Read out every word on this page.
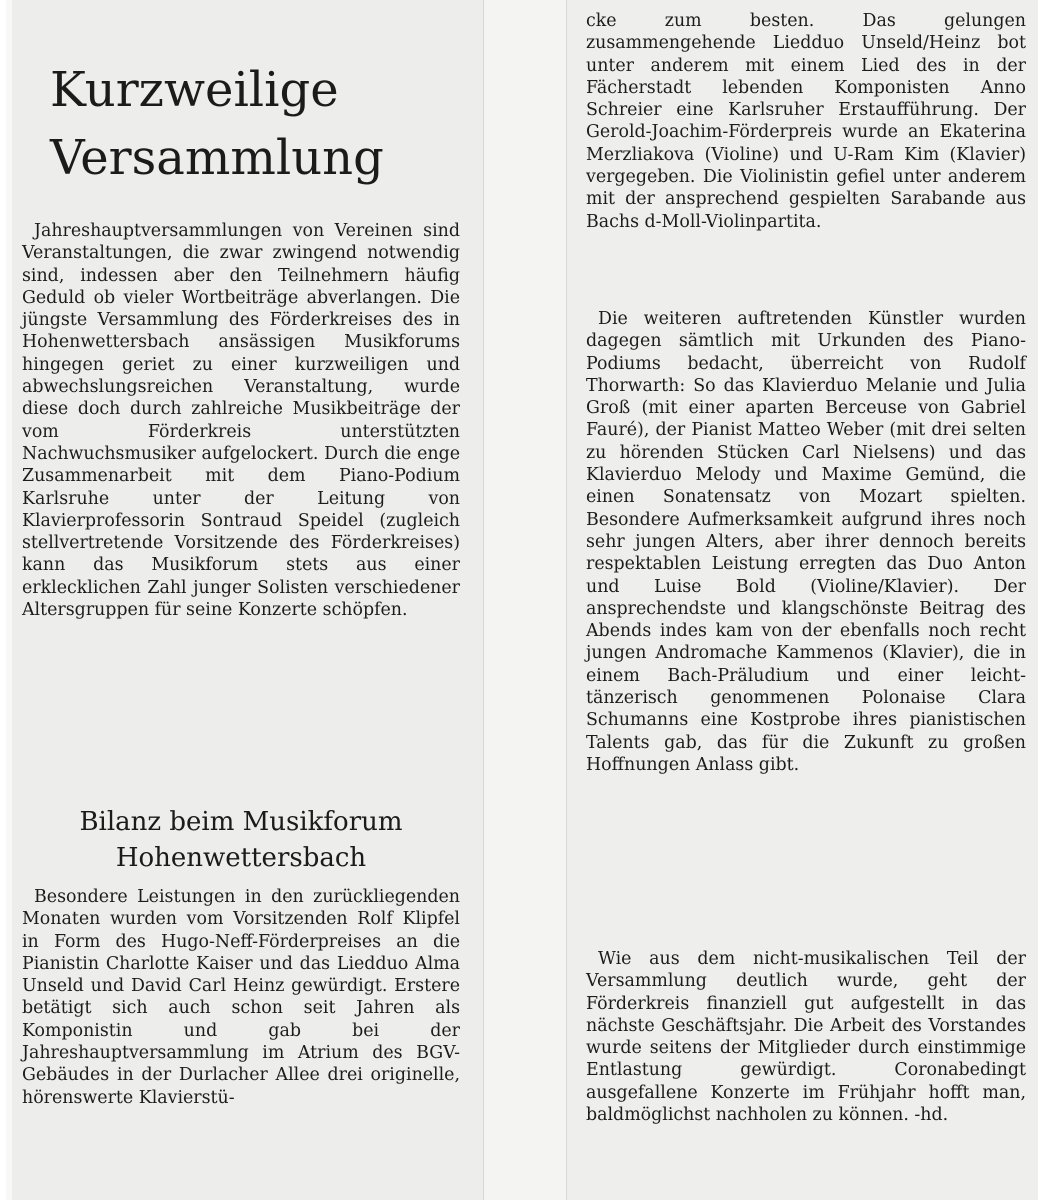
Kurzweilige Versammlung

Jahreshauptversammlungen von Vereinen sind Veranstaltungen, die zwar zwingend notwendig sind, indessen aber den Teilnehmern häufig Geduld ob vieler Wortbeiträge abverlangen. Die jüngste Versammlung des Förderkreises des in Hohenwettersbach ansässigen Musikforums hingegen geriet zu einer kurzweiligen und abwechslungsreichen Veranstaltung, wurde diese doch durch zahlreiche Musikbeiträge der vom Förderkreis unterstützten Nachwuchsmusiker aufgelockert. Durch die enge Zusammenarbeit mit dem Piano-Podium Karlsruhe unter der Leitung von Klavierprofessorin Sontraud Speidel (zugleich stellvertretende Vorsitzende des Förderkreises) kann das Musikforum stets aus einer erklecklichen Zahl junger Solisten verschiedener Altersgruppen für seine Konzerte schöpfen.

Bilanz beim Musikforum Hohenwettersbach

Besondere Leistungen in den zurückliegenden Monaten wurden vom Vorsitzenden Rolf Klipfel in Form des Hugo-Neff-Förderpreises an die Pianistin Charlotte Kaiser und das Liedduo Alma Unseld und David Carl Heinz gewürdigt. Erstere betätigt sich auch schon seit Jahren als Komponistin und gab bei der Jahreshauptversammlung im Atrium des BGV-Gebäudes in der Durlacher Allee drei originelle, hörenswerte Klavierstü-

cke zum besten. Das gelungen zusammengehende Liedduo Unseld/Heinz bot unter anderem mit einem Lied des in der Fächerstadt lebenden Komponisten Anno Schreier eine Karlsruher Erstaufführung. Der Gerold-Joachim-Förderpreis wurde an Ekaterina Merzliakova (Violine) und U-Ram Kim (Klavier) vergegeben. Die Violinistin gefiel unter anderem mit der ansprechend gespielten Sarabande aus Bachs d-Moll-Violinpartita.

Die weiteren auftretenden Künstler wurden dagegen sämtlich mit Urkunden des Piano-Podiums bedacht, überreicht von Rudolf Thorwarth: So das Klavierduo Melanie und Julia Groß (mit einer aparten Berceuse von Gabriel Fauré), der Pianist Matteo Weber (mit drei selten zu hörenden Stücken Carl Nielsens) und das Klavierduo Melody und Maxime Gemünd, die einen Sonatensatz von Mozart spielten. Besondere Aufmerksamkeit aufgrund ihres noch sehr jungen Alters, aber ihrer dennoch bereits respektablen Leistung erregten das Duo Anton und Luise Bold (Violine/Klavier). Der ansprechendste und klangschönste Beitrag des Abends indes kam von der ebenfalls noch recht jungen Andromache Kammenos (Klavier), die in einem Bach-Präludium und einer leicht-tänzerisch genommenen Polonaise Clara Schumanns eine Kostprobe ihres pianistischen Talents gab, das für die Zukunft zu großen Hoffnungen Anlass gibt.

Wie aus dem nicht-musikalischen Teil der Versammlung deutlich wurde, geht der Förderkreis finanziell gut aufgestellt in das nächste Geschäftsjahr. Die Arbeit des Vorstandes wurde seitens der Mitglieder durch einstimmige Entlastung gewürdigt. Coronabedingt ausgefallene Konzerte im Frühjahr hofft man, baldmöglichst nachholen zu können. -hd.
